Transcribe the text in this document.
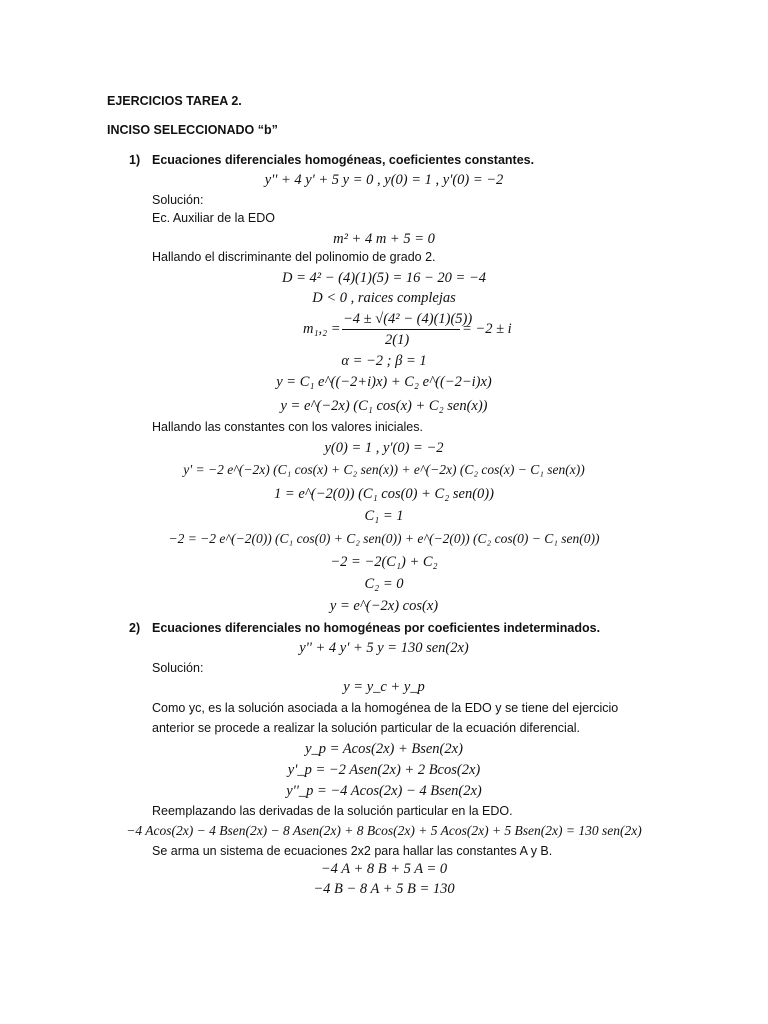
EJERCICIOS TAREA 2.
INCISO SELECCIONADO “b”
1) Ecuaciones diferenciales homogéneas, coeficientes constantes.
y'' + 4 y' + 5 y = 0 , y(0) = 1 , y'(0) = −2
Solución:
Ec. Auxiliar de la EDO
m² + 4 m + 5 = 0
Hallando el discriminante del polinomio de grado 2.
D = 4² − (4)(1)(5) = 16 − 20 = −4
D < 0 , raices complejas
m₁,₂ =
−4 ± √(4² − (4)(1)(5))
2(1)
= −2 ± i
α = −2 ; β = 1
y = C₁ e^((−2+i)x) + C₂ e^((−2−i)x)
y = e^(−2x) (C₁ cos(x) + C₂ sen(x))
Hallando las constantes con los valores iniciales.
y(0) = 1 , y'(0) = −2
y' = −2 e^(−2x) (C₁ cos(x) + C₂ sen(x)) + e^(−2x) (C₂ cos(x) − C₁ sen(x))
1 = e^(−2(0)) (C₁ cos(0) + C₂ sen(0))
C₁ = 1
−2 = −2 e^(−2(0)) (C₁ cos(0) + C₂ sen(0)) + e^(−2(0)) (C₂ cos(0) − C₁ sen(0))
−2 = −2(C₁) + C₂
C₂ = 0
y = e^(−2x) cos(x)
2) Ecuaciones diferenciales no homogéneas por coeficientes indeterminados.
y'' + 4 y' + 5 y = 130 sen(2x)
Solución:
y = y_c + y_p
Como yc, es la solución asociada a la homogénea de la EDO y se tiene del ejercicio
anterior se procede a realizar la solución particular de la ecuación diferencial.
y_p = Acos(2x) + Bsen(2x)
y'_p = −2 Asen(2x) + 2 Bcos(2x)
y''_p = −4 Acos(2x) − 4 Bsen(2x)
Reemplazando las derivadas de la solución particular en la EDO.
−4 Acos(2x) − 4 Bsen(2x) − 8 Asen(2x) + 8 Bcos(2x) + 5 Acos(2x) + 5 Bsen(2x) = 130 sen(2x)
Se arma un sistema de ecuaciones 2x2 para hallar las constantes A y B.
−4 A + 8 B + 5 A = 0
−4 B − 8 A + 5 B = 130
